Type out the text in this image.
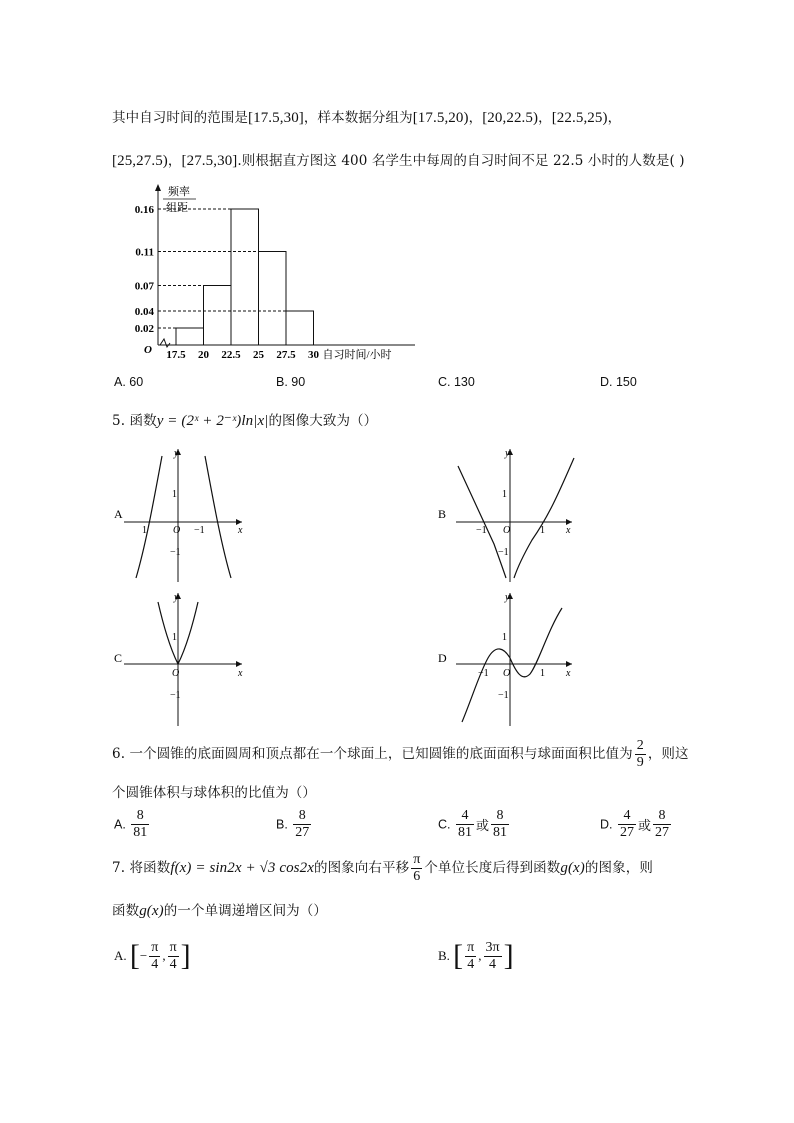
其中自习时间的范围是[17.5,30]，样本数据分组为[17.5,20)，[20,22.5)，[22.5,25)，
[25,27.5)，[27.5,30].则根据直方图这 400 名学生中每周的自习时间不足 22.5 小时的人数是( )
频率
组距
O
0.16
0.11
0.07
0.04
0.02
17.5 20 22.5 25 27.5 30 自习时间/小时
A. 60	B. 90	C. 130	D. 150
5. 函数y = (2ˣ + 2⁻ˣ)ln|x|的图像大致为（）
A
y
x
O
1
−1
1	−1
B
y
x
O
1
−1
−1	1
C
y
x
O
1
−1
D
y
x
O
1
−1
−1	1
6. 一个圆锥的底面圆周和顶点都在一个球面上，已知圆锥的底面面积与球面面积比值为 $\frac{2}{9}$ ，则这
个圆锥体积与球体积的比值为（）
A. $\frac{8}{81}$	B. $\frac{8}{27}$	C. $\frac{4}{81}$ 或 $\frac{8}{81}$	D. $\frac{4}{27}$ 或 $\frac{8}{27}$
7. 将函数f(x) = sin2x + √3 cos2x的图象向右平移 $\frac{\pi}{6}$ 个单位长度后得到函数g(x)的图象，则
函数g(x)的一个单调递增区间为（）
A. [− $\frac{\pi}{4}$ , $\frac{\pi}{4}$ ]	B. [ $\frac{\pi}{4}$ , $\frac{3\pi}{4}$ ]
